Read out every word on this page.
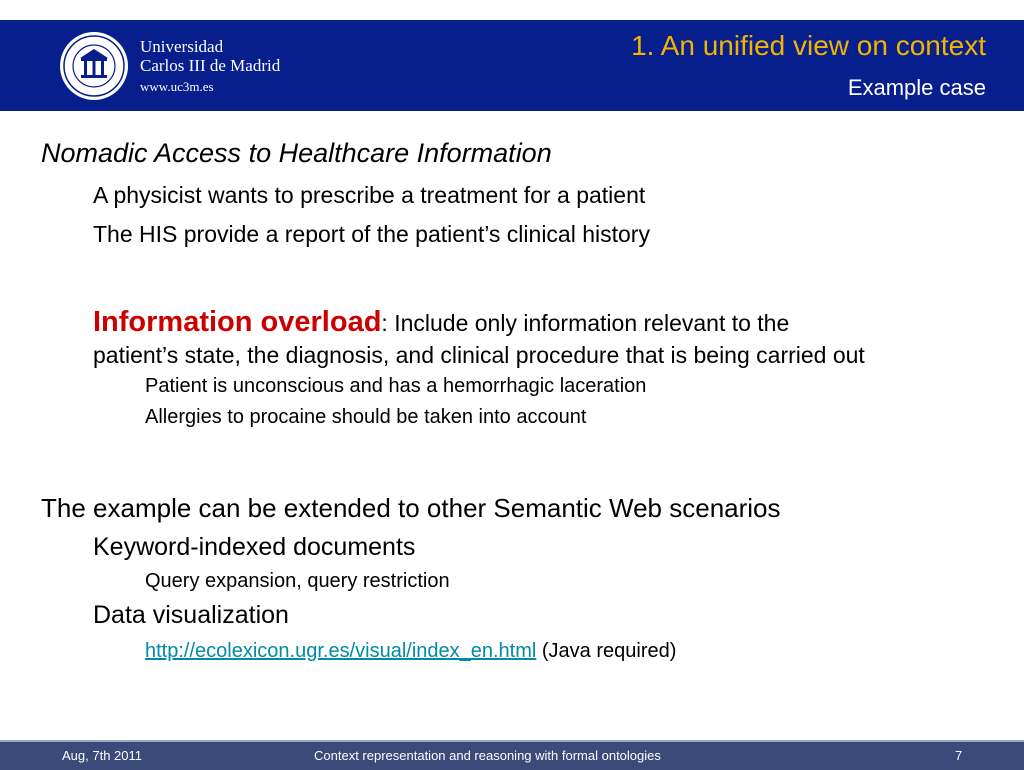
Universidad
Carlos III de Madrid
www.uc3m.es
1. An unified view on context
Example case
Nomadic Access to Healthcare Information
A physicist wants to prescribe a treatment for a patient
The HIS provide a report of the patient’s clinical history
Information overload: Include only information relevant to the
patient’s state, the diagnosis, and clinical procedure that is being carried out
Patient is unconscious and has a hemorrhagic laceration
Allergies to procaine should be taken into account
The example can be extended to other Semantic Web scenarios
Keyword-indexed documents
Query expansion, query restriction
Data visualization
http://ecolexicon.ugr.es/visual/index_en.html (Java required)
Aug, 7th 2011	Context representation and reasoning with formal ontologies	7
